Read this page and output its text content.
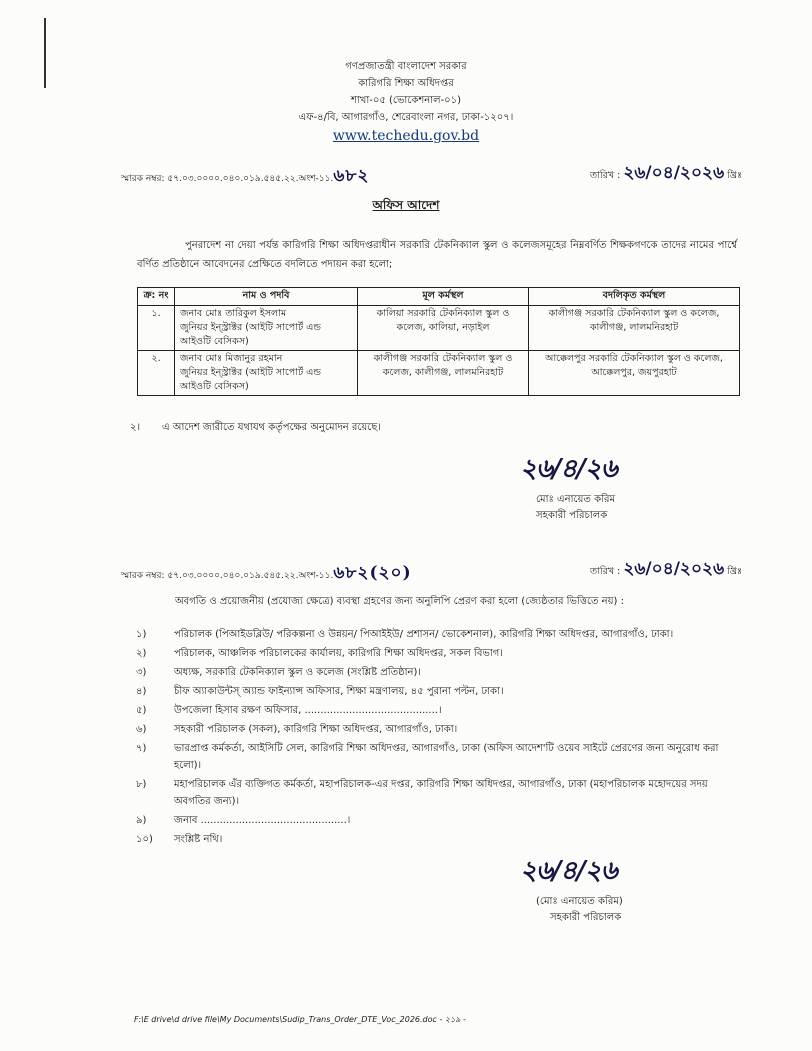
গণপ্রজাতন্ত্রী বাংলাদেশ সরকার
কারিগরি শিক্ষা অধিদপ্তর
শাখা-০৫ (ভোকেশনাল-০১)
এফ-৪/বি, আগারগাঁও, শেরেবাংলা নগর, ঢাকা-১২০৭।
www.techedu.gov.bd
স্মারক নম্বর: ৫৭.০৩.০০০০.০৪০.০১৯.৫৪৫.২২.অংশ-১১.৬৮২	তারিখ : ২৬/০৪/২০২৬ খ্রিঃ
অফিস আদেশ
পুনরাদেশ না দেয়া পর্যন্ত কারিগরি শিক্ষা অধিদপ্তরাধীন সরকারি টেকনিক্যাল স্কুল ও কলেজসমূহের নিম্নবর্ণিত শিক্ষকগণকে তাদের নামের পার্শ্বে বর্ণিত প্রতিষ্ঠানে আবেদনের প্রেক্ষিতে বদলিতে পদায়ন করা হলো;
ক্র: নং	নাম ও পদবি	মূল কর্মস্থল	বদলিকৃত কর্মস্থল
১.	জনাব মোঃ তারিকুল ইসলাম
জুনিয়র ইন্স্ট্রাক্টর (আইটি সাপোর্ট এন্ড আইওটি বেসিকস)	কালিয়া সরকারি টেকনিক্যাল স্কুল ও কলেজ, কালিয়া, নড়াইল	কালীগঞ্জ সরকারি টেকনিক্যাল স্কুল ও কলেজ, কালীগঞ্জ, লালমনিরহাট
২.	জনাব মোঃ মিজানুর রহমান
জুনিয়র ইন্স্ট্রাক্টর (আইটি সাপোর্ট এন্ড আইওটি বেসিকস)	কালীগঞ্জ সরকারি টেকনিক্যাল স্কুল ও কলেজ, কালীগঞ্জ, লালমনিরহাট	আক্কেলপুর সরকারি টেকনিক্যাল স্কুল ও কলেজ, আক্কেলপুর, জয়পুরহাট
২। এ আদেশ জারীতে যথাযথ কর্তৃপক্ষের অনুমোদন রয়েছে।
২৬/৪/২৬
মোঃ এনায়েত করিম
সহকারী পরিচালক
স্মারক নম্বর: ৫৭.০৩.০০০০.০৪০.০১৯.৫৪৫.২২.অংশ-১১.৬৮২(২০)	তারিখ : ২৬/০৪/২০২৬ খ্রিঃ
অবগতি ও প্রয়োজনীয় (প্রযোজ্য ক্ষেত্রে) ব্যবস্থা গ্রহণের জন্য অনুলিপি প্রেরণ করা হলো (জ্যেষ্ঠতার ভিত্তিতে নয়) :
১)	পরিচালক (পিআইডব্লিউ/ পরিকল্পনা ও উন্নয়ন/ পিআইইউ/ প্রশাসন/ ভোকেশনাল), কারিগরি শিক্ষা অধিদপ্তর, আগারগাঁও, ঢাকা।
২)	পরিচালক, আঞ্চলিক পরিচালকের কার্যালয়, কারিগরি শিক্ষা অধিদপ্তর, সকল বিভাগ।
৩)	অধ্যক্ষ, সরকারি টেকনিক্যাল স্কুল ও কলেজ (সংশ্লিষ্ট প্রতিষ্ঠান)।
৪)	চীফ অ্যাকাউন্টস্ অ্যান্ড ফাইন্যান্স অফিসার, শিক্ষা মন্ত্রণালয়, ৪৫ পুরানা পল্টন, ঢাকা।
৫)	উপজেলা হিসাব রক্ষণ অফিসার, ..........................................।
৬)	সহকারী পরিচালক (সকল), কারিগরি শিক্ষা অধিদপ্তর, আগারগাঁও, ঢাকা।
৭)	ভারপ্রাপ্ত কর্মকর্তা, আইসিটি সেল, কারিগরি শিক্ষা অধিদপ্তর, আগারগাঁও, ঢাকা (অফিস আদেশ'টি ওয়েব সাইটে প্রেরণের জন্য অনুরোধ করা হলো)।
৮)	মহাপরিচালক এঁর ব্যক্তিগত কর্মকর্তা, মহাপরিচালক-এর দপ্তর, কারিগরি শিক্ষা অধিদপ্তর, আগারগাঁও, ঢাকা (মহাপরিচালক মহোদয়ের সদয় অবগতির জন্য)।
৯)	জনাব ..............................................।
১০)	সংশ্লিষ্ট নথি।
২৬/৪/২৬
(মোঃ এনায়েত করিম)
সহকারী পরিচালক
F:\E drive\d drive file\My Documents\Sudip_Trans_Order_DTE_Voc_2026.doc - ২১৯ -
